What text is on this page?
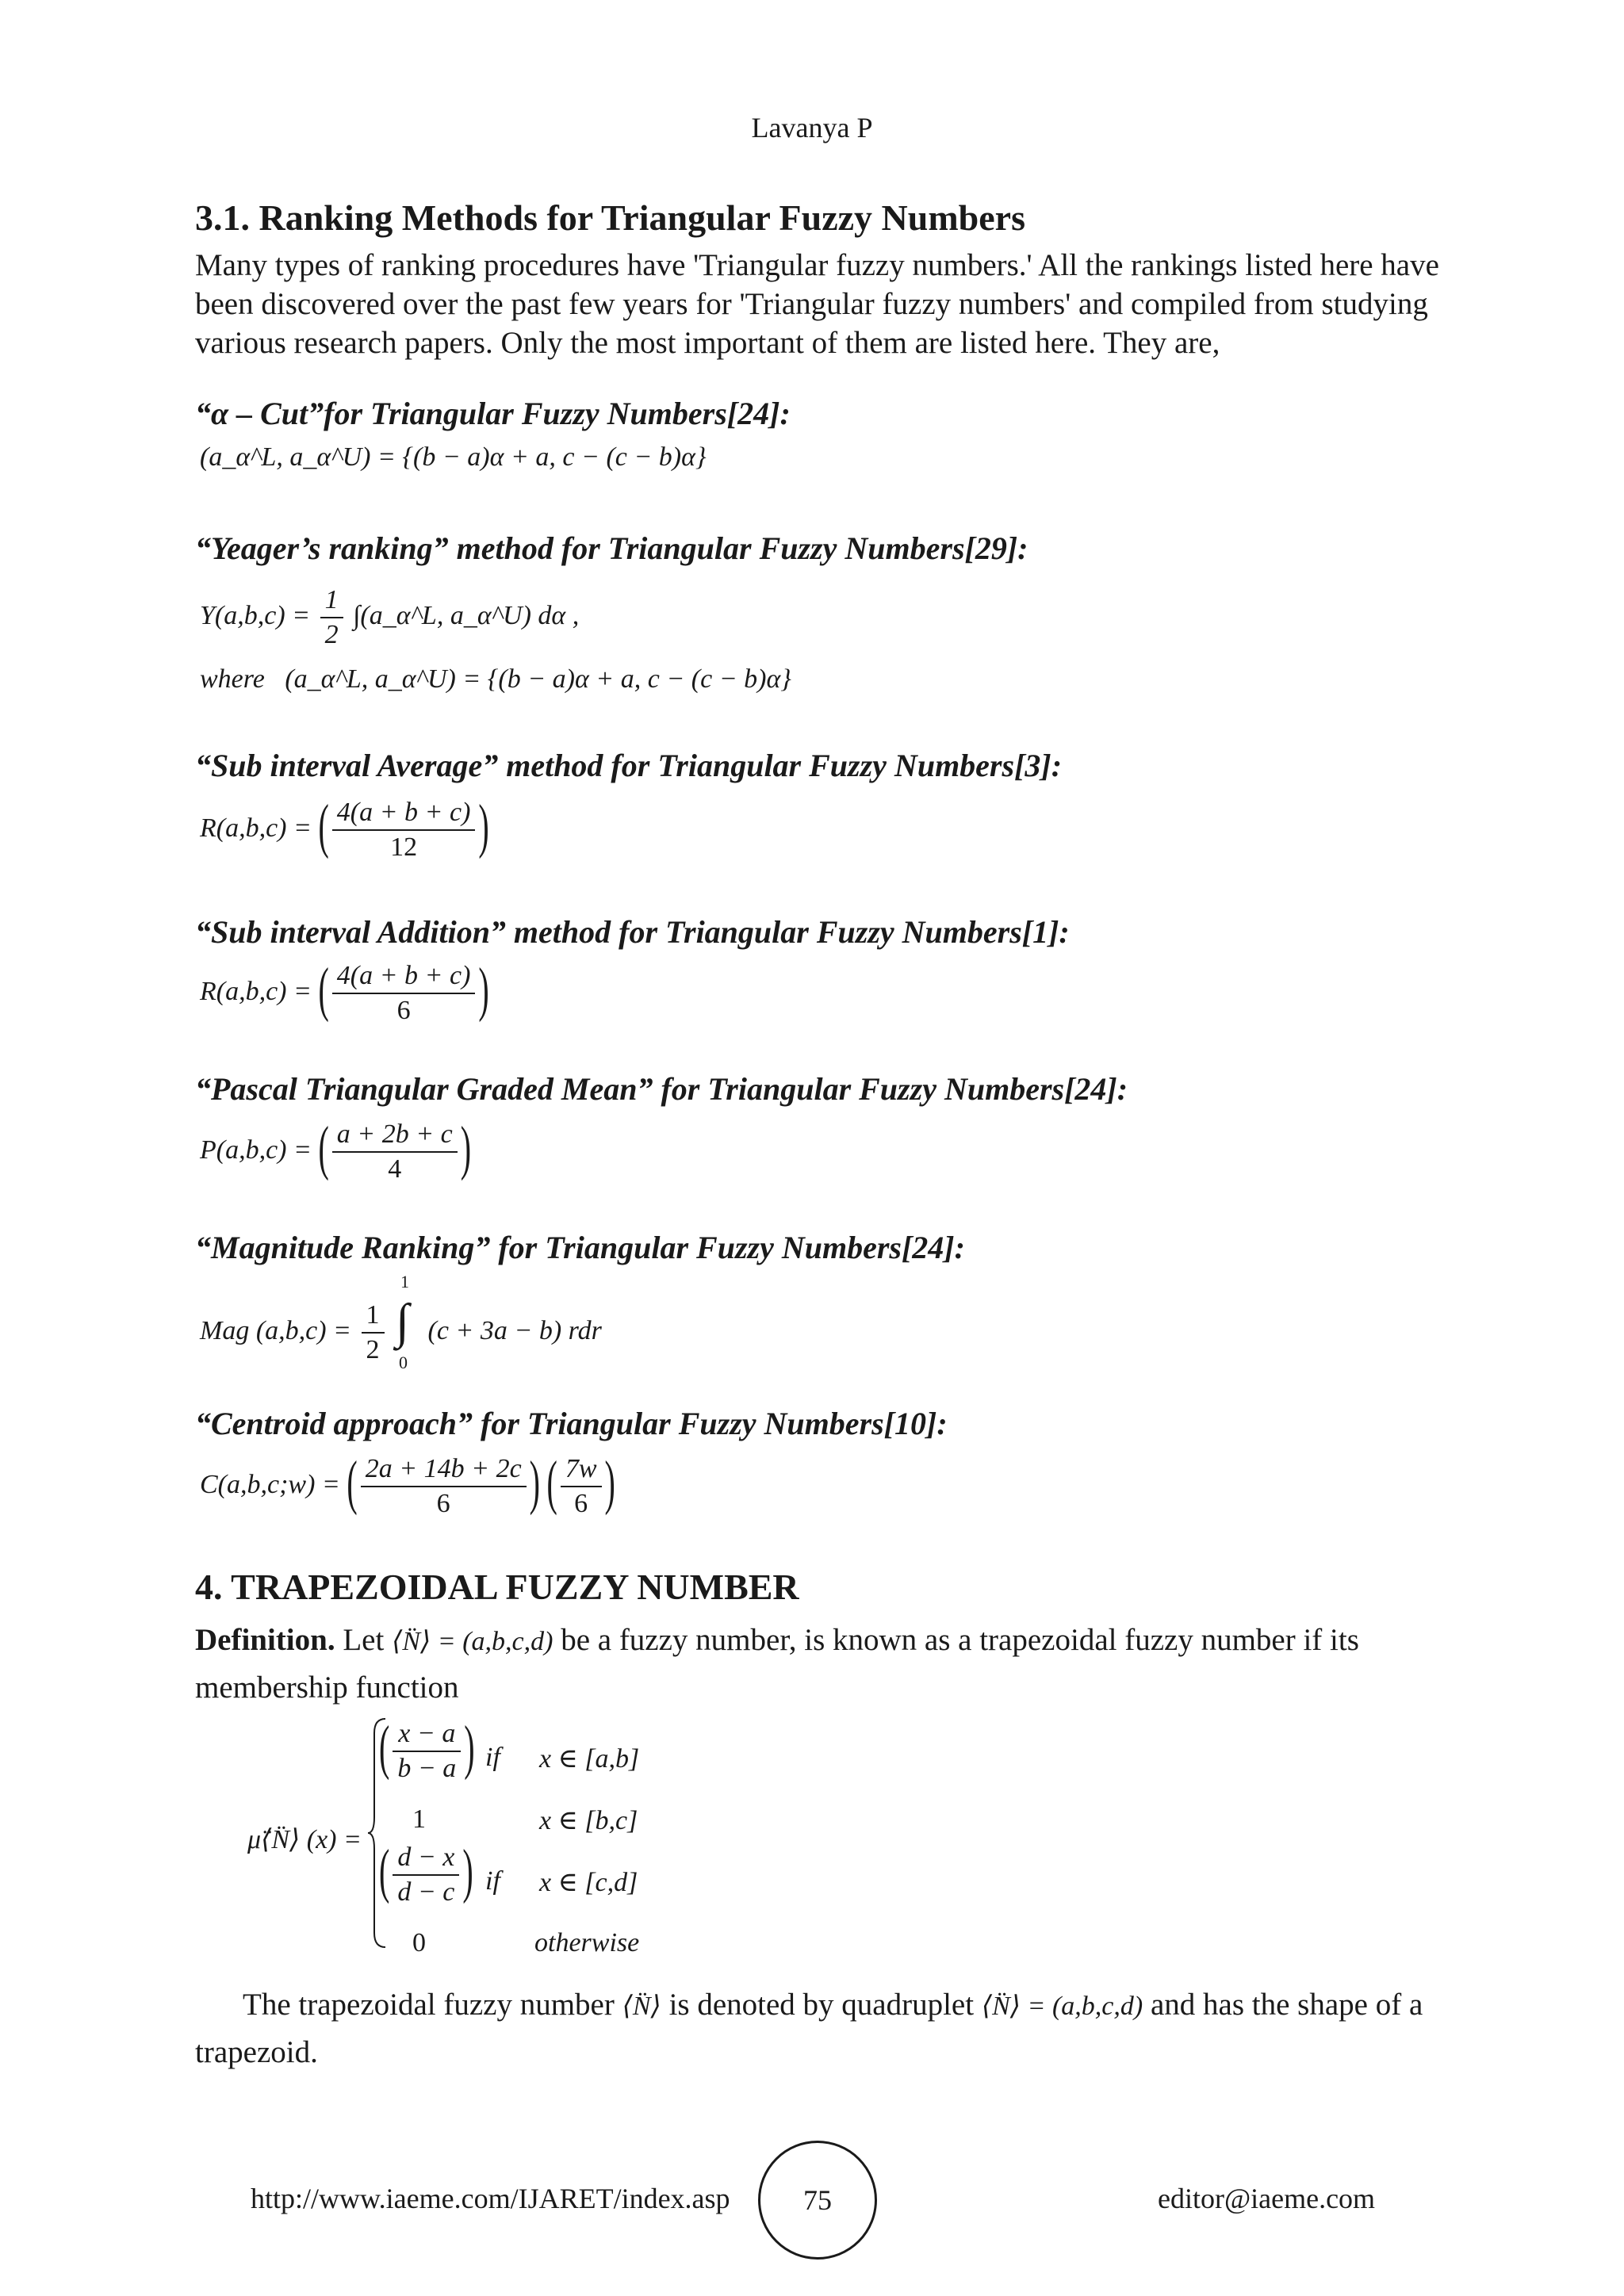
Lavanya P
3.1. Ranking Methods for Triangular Fuzzy Numbers
Many types of ranking procedures have 'Triangular fuzzy numbers.' All the rankings listed here have been discovered over the past few years for 'Triangular fuzzy numbers' and compiled from studying various research papers. Only the most important of them are listed here. They are,
“α – Cut”for Triangular Fuzzy Numbers[24]:
(a_α^L, a_α^U) = {(b − a)α + a, c − (c − b)α}
“Yeager’s ranking” method for Triangular Fuzzy Numbers[29]:
$Y(a,b,c) = \frac{1}{2}$ ∫(a_α^L, a_α^U) dα ,
where (a_α^L, a_α^U) = {(b − a)α + a, c − (c − b)α}
“Sub interval Average” method for Triangular Fuzzy Numbers[3]:
R(a,b,c) = ( $\frac{4(a + b + c)}{12}$ )
“Sub interval Addition” method for Triangular Fuzzy Numbers[1]:
R(a,b,c) = ( $\frac{4(a + b + c)}{6}$ )
“Pascal Triangular Graded Mean” for Triangular Fuzzy Numbers[24]:
P(a,b,c) = ( $\frac{a + 2b + c}{4}$ )
“Magnitude Ranking” for Triangular Fuzzy Numbers[24]:
Mag $(a,b,c) = \frac{1}{2}$

1
∫
0
(c + 3a − b) rdr
“Centroid approach” for Triangular Fuzzy Numbers[10]:
C(a,b,c;w) = ( $\frac{2a + 14b + 2c}{6}$ ) ( $\frac{7w}{6}$ )
4. TRAPEZOIDAL FUZZY NUMBER
Definition. Let ⟨N̈⟩ = (a,b,c,d) be a fuzzy number, is known as a trapezoidal fuzzy number if its membership function
μ̈⟨N̈⟩ (x) =
( $\frac{x - a}{b - a}$ ) if x ∈ [a,b]
1	x ∈ [b,c]
( $\frac{d - x}{d - c}$ ) if x ∈ [c,d]
0	otherwise
The trapezoidal fuzzy number ⟨N̈⟩ is denoted by quadruplet ⟨N̈⟩ = (a,b,c,d) and has the shape of a trapezoid.
http://www.iaeme.com/IJARET/index.asp	75	editor@iaeme.com
